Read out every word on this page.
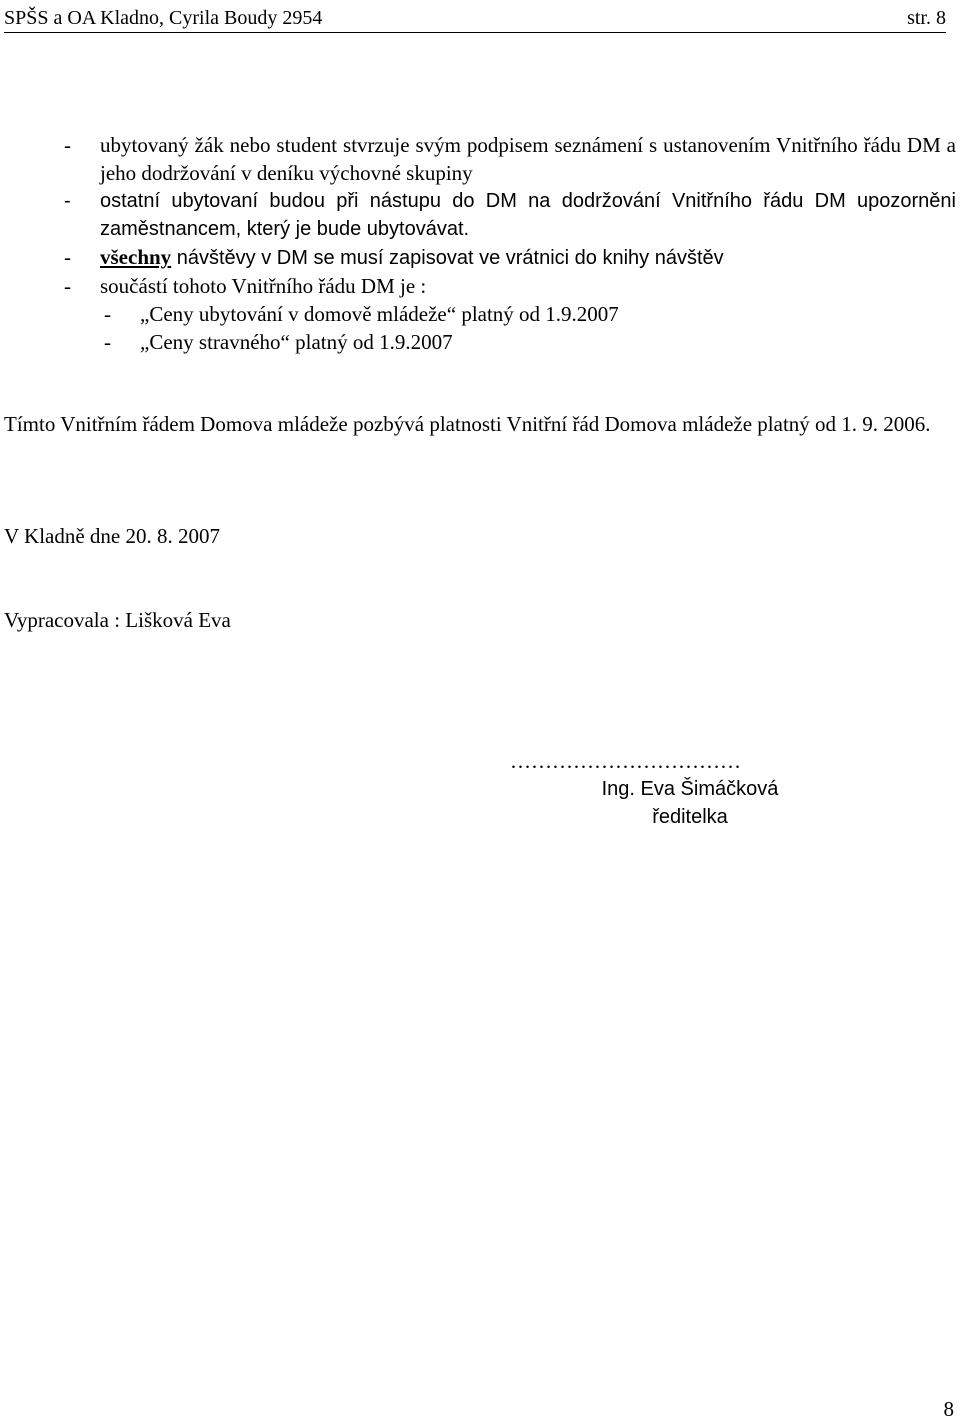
SPŠS a OA Kladno, Cyrila Boudy 2954	str. 8
- ubytovaný žák nebo student stvrzuje svým podpisem seznámení s ustanovením Vnitřního řádu DM a jeho dodržování v deníku výchovné skupiny
- ostatní ubytovaní budou při nástupu do DM na dodržování Vnitřního řádu DM upozorněni zaměstnancem, který je bude ubytovávat.
- všechny návštěvy v DM se musí zapisovat ve vrátnici do knihy návštěv
- součástí tohoto Vnitřního řádu DM je :
- „Ceny ubytování v domově mládeže“ platný od 1.9.2007
- „Ceny stravného“ platný od 1.9.2007
Tímto Vnitřním řádem Domova mládeže pozbývá platnosti Vnitřní řád Domova mládeže platný od 1. 9. 2006.
V Kladně dne 20. 8. 2007
Vypracovala : Lišková Eva
……………………………
Ing. Eva Šimáčková
ředitelka
8
